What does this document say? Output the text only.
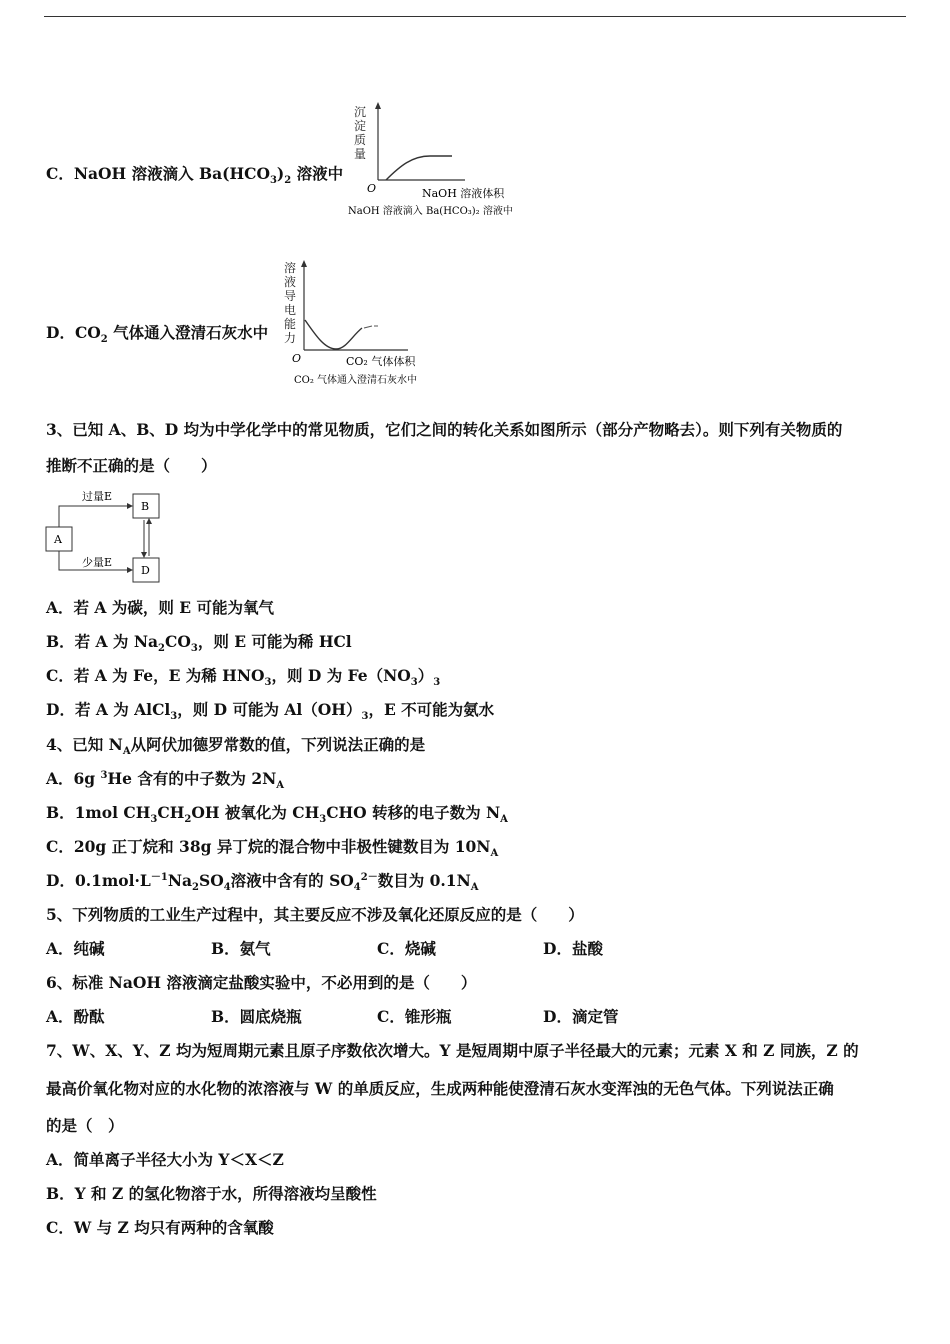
C．NaOH 溶液滴入 $Ba(HCO_3)_2$ 溶液中
沉
淀
质
量
O	NaOH 溶液体积
NaOH 溶液滴入 Ba(HCO₃)₂ 溶液中
D．$CO_2$ 气体通入澄清石灰水中
溶
液
导
电
能
力
O	CO₂ 气体体积
CO₂ 气体通入澄清石灰水中
3、已知 A、B、D 均为中学化学中的常见物质，它们之间的转化关系如图所示（部分产物略去）。则下列有关物质的
推断不正确的是（　　）
A
B
D
过量E
少量E
A．若 A 为碳，则 E 可能为氧气
B．若 A 为 $Na_2CO_3$，则 E 可能为稀 HCl
C．若 A 为 Fe，E 为稀 $HNO_3$，则 D 为 $Fe(NO_3)_3$
D．若 A 为 AlCl$_3$，则 D 可能为 $Al(OH)_3$，E 不可能为氨水
4、已知 $N_A$从阿伏加德罗常数的值，下列说法正确的是
A．6g $^3$He 含有的中子数为 $2N_A$
B．1mol $CH_3CH_2OH$ 被氧化为 $CH_3CHO$ 转移的电子数为 $N_A$
C．20g 正丁烷和 38g 异丁烷的混合物中非极性键数目为 $10N_A$
D．$0.1mol\cdot L^{-1}Na_2SO_4$溶液中含有的 $SO_4^{2-}$数目为 $0.1N_A$
5、下列物质的工业生产过程中，其主要反应不涉及氧化还原反应的是（　　）
A．纯碱	B．氨气	C．烧碱	D．盐酸
6、标准 NaOH 溶液滴定盐酸实验中，不必用到的是（　　）
A．酚酞	B．圆底烧瓶	C．锥形瓶	D．滴定管
7、W、X、Y、Z 均为短周期元素且原子序数依次增大。Y 是短周期中原子半径最大的元素；元素 X 和 Z 同族，Z 的
最高价氧化物对应的水化物的浓溶液与 W 的单质反应，生成两种能使澄清石灰水变浑浊的无色气体。下列说法正确
的是（　）
A．简单离子半径大小为 Y＜X＜Z
B．Y 和 Z 的氢化物溶于水，所得溶液均呈酸性
C．W 与 Z 均只有两种的含氧酸
